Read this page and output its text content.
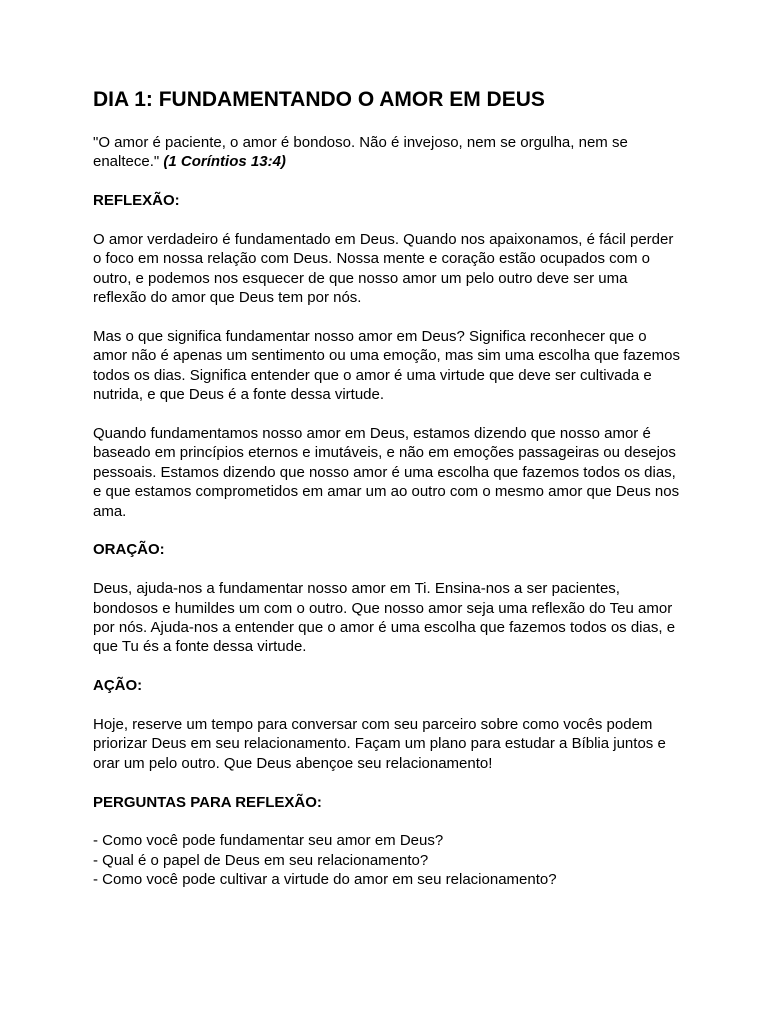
DIA 1: FUNDAMENTANDO O AMOR EM DEUS

"O amor é paciente, o amor é bondoso. Não é invejoso, nem se orgulha, nem se enaltece." (1 Coríntios 13:4)

REFLEXÃO:

O amor verdadeiro é fundamentado em Deus. Quando nos apaixonamos, é fácil perder o foco em nossa relação com Deus. Nossa mente e coração estão ocupados com o outro, e podemos nos esquecer de que nosso amor um pelo outro deve ser uma reflexão do amor que Deus tem por nós.

Mas o que significa fundamentar nosso amor em Deus? Significa reconhecer que o amor não é apenas um sentimento ou uma emoção, mas sim uma escolha que fazemos todos os dias. Significa entender que o amor é uma virtude que deve ser cultivada e nutrida, e que Deus é a fonte dessa virtude.

Quando fundamentamos nosso amor em Deus, estamos dizendo que nosso amor é baseado em princípios eternos e imutáveis, e não em emoções passageiras ou desejos pessoais. Estamos dizendo que nosso amor é uma escolha que fazemos todos os dias, e que estamos comprometidos em amar um ao outro com o mesmo amor que Deus nos ama.

ORAÇÃO:

Deus, ajuda-nos a fundamentar nosso amor em Ti. Ensina-nos a ser pacientes, bondosos e humildes um com o outro. Que nosso amor seja uma reflexão do Teu amor por nós. Ajuda-nos a entender que o amor é uma escolha que fazemos todos os dias, e que Tu és a fonte dessa virtude.

AÇÃO:

Hoje, reserve um tempo para conversar com seu parceiro sobre como vocês podem priorizar Deus em seu relacionamento. Façam um plano para estudar a Bíblia juntos e orar um pelo outro. Que Deus abençoe seu relacionamento!

PERGUNTAS PARA REFLEXÃO:

- Como você pode fundamentar seu amor em Deus?
- Qual é o papel de Deus em seu relacionamento?
- Como você pode cultivar a virtude do amor em seu relacionamento?
